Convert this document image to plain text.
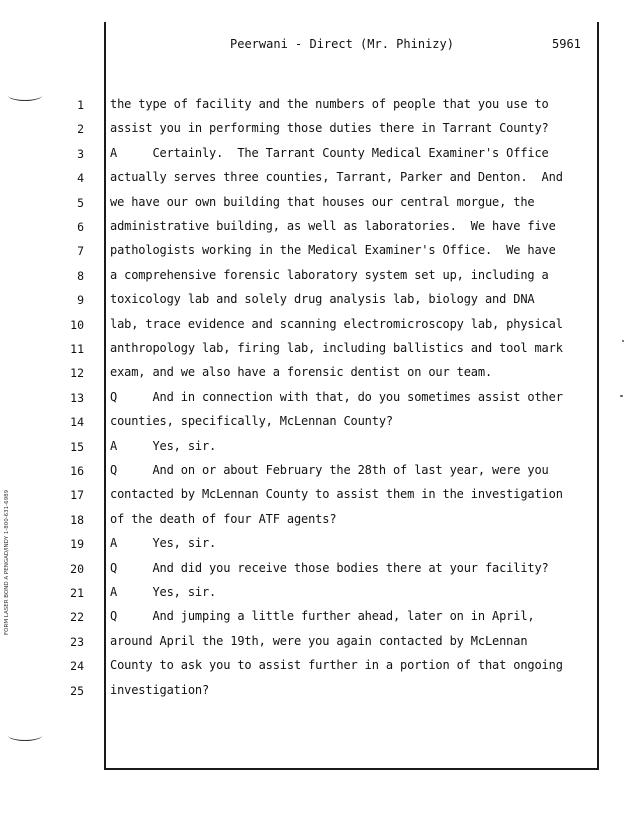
FORM LASER BOND A PENGAD/INDY 1-800-631-6989
Peerwani - Direct (Mr. Phinizy)	5961
1 the type of facility and the numbers of people that you use to
2 assist you in performing those duties there in Tarrant County?
3 A     Certainly.  The Tarrant County Medical Examiner's Office
4 actually serves three counties, Tarrant, Parker and Denton.  And
5 we have our own building that houses our central morgue, the
6 administrative building, as well as laboratories.  We have five
7 pathologists working in the Medical Examiner's Office.  We have
8 a comprehensive forensic laboratory system set up, including a
9 toxicology lab and solely drug analysis lab, biology and DNA
10 lab, trace evidence and scanning electromicroscopy lab, physical
11 anthropology lab, firing lab, including ballistics and tool mark
12 exam, and we also have a forensic dentist on our team.
13 Q     And in connection with that, do you sometimes assist other
14 counties, specifically, McLennan County?
15 A     Yes, sir.
16 Q     And on or about February the 28th of last year, were you
17 contacted by McLennan County to assist them in the investigation
18 of the death of four ATF agents?
19 A     Yes, sir.
20 Q     And did you receive those bodies there at your facility?
21 A     Yes, sir.
22 Q     And jumping a little further ahead, later on in April,
23 around April the 19th, were you again contacted by McLennan
24 County to ask you to assist further in a portion of that ongoing
25 investigation?
